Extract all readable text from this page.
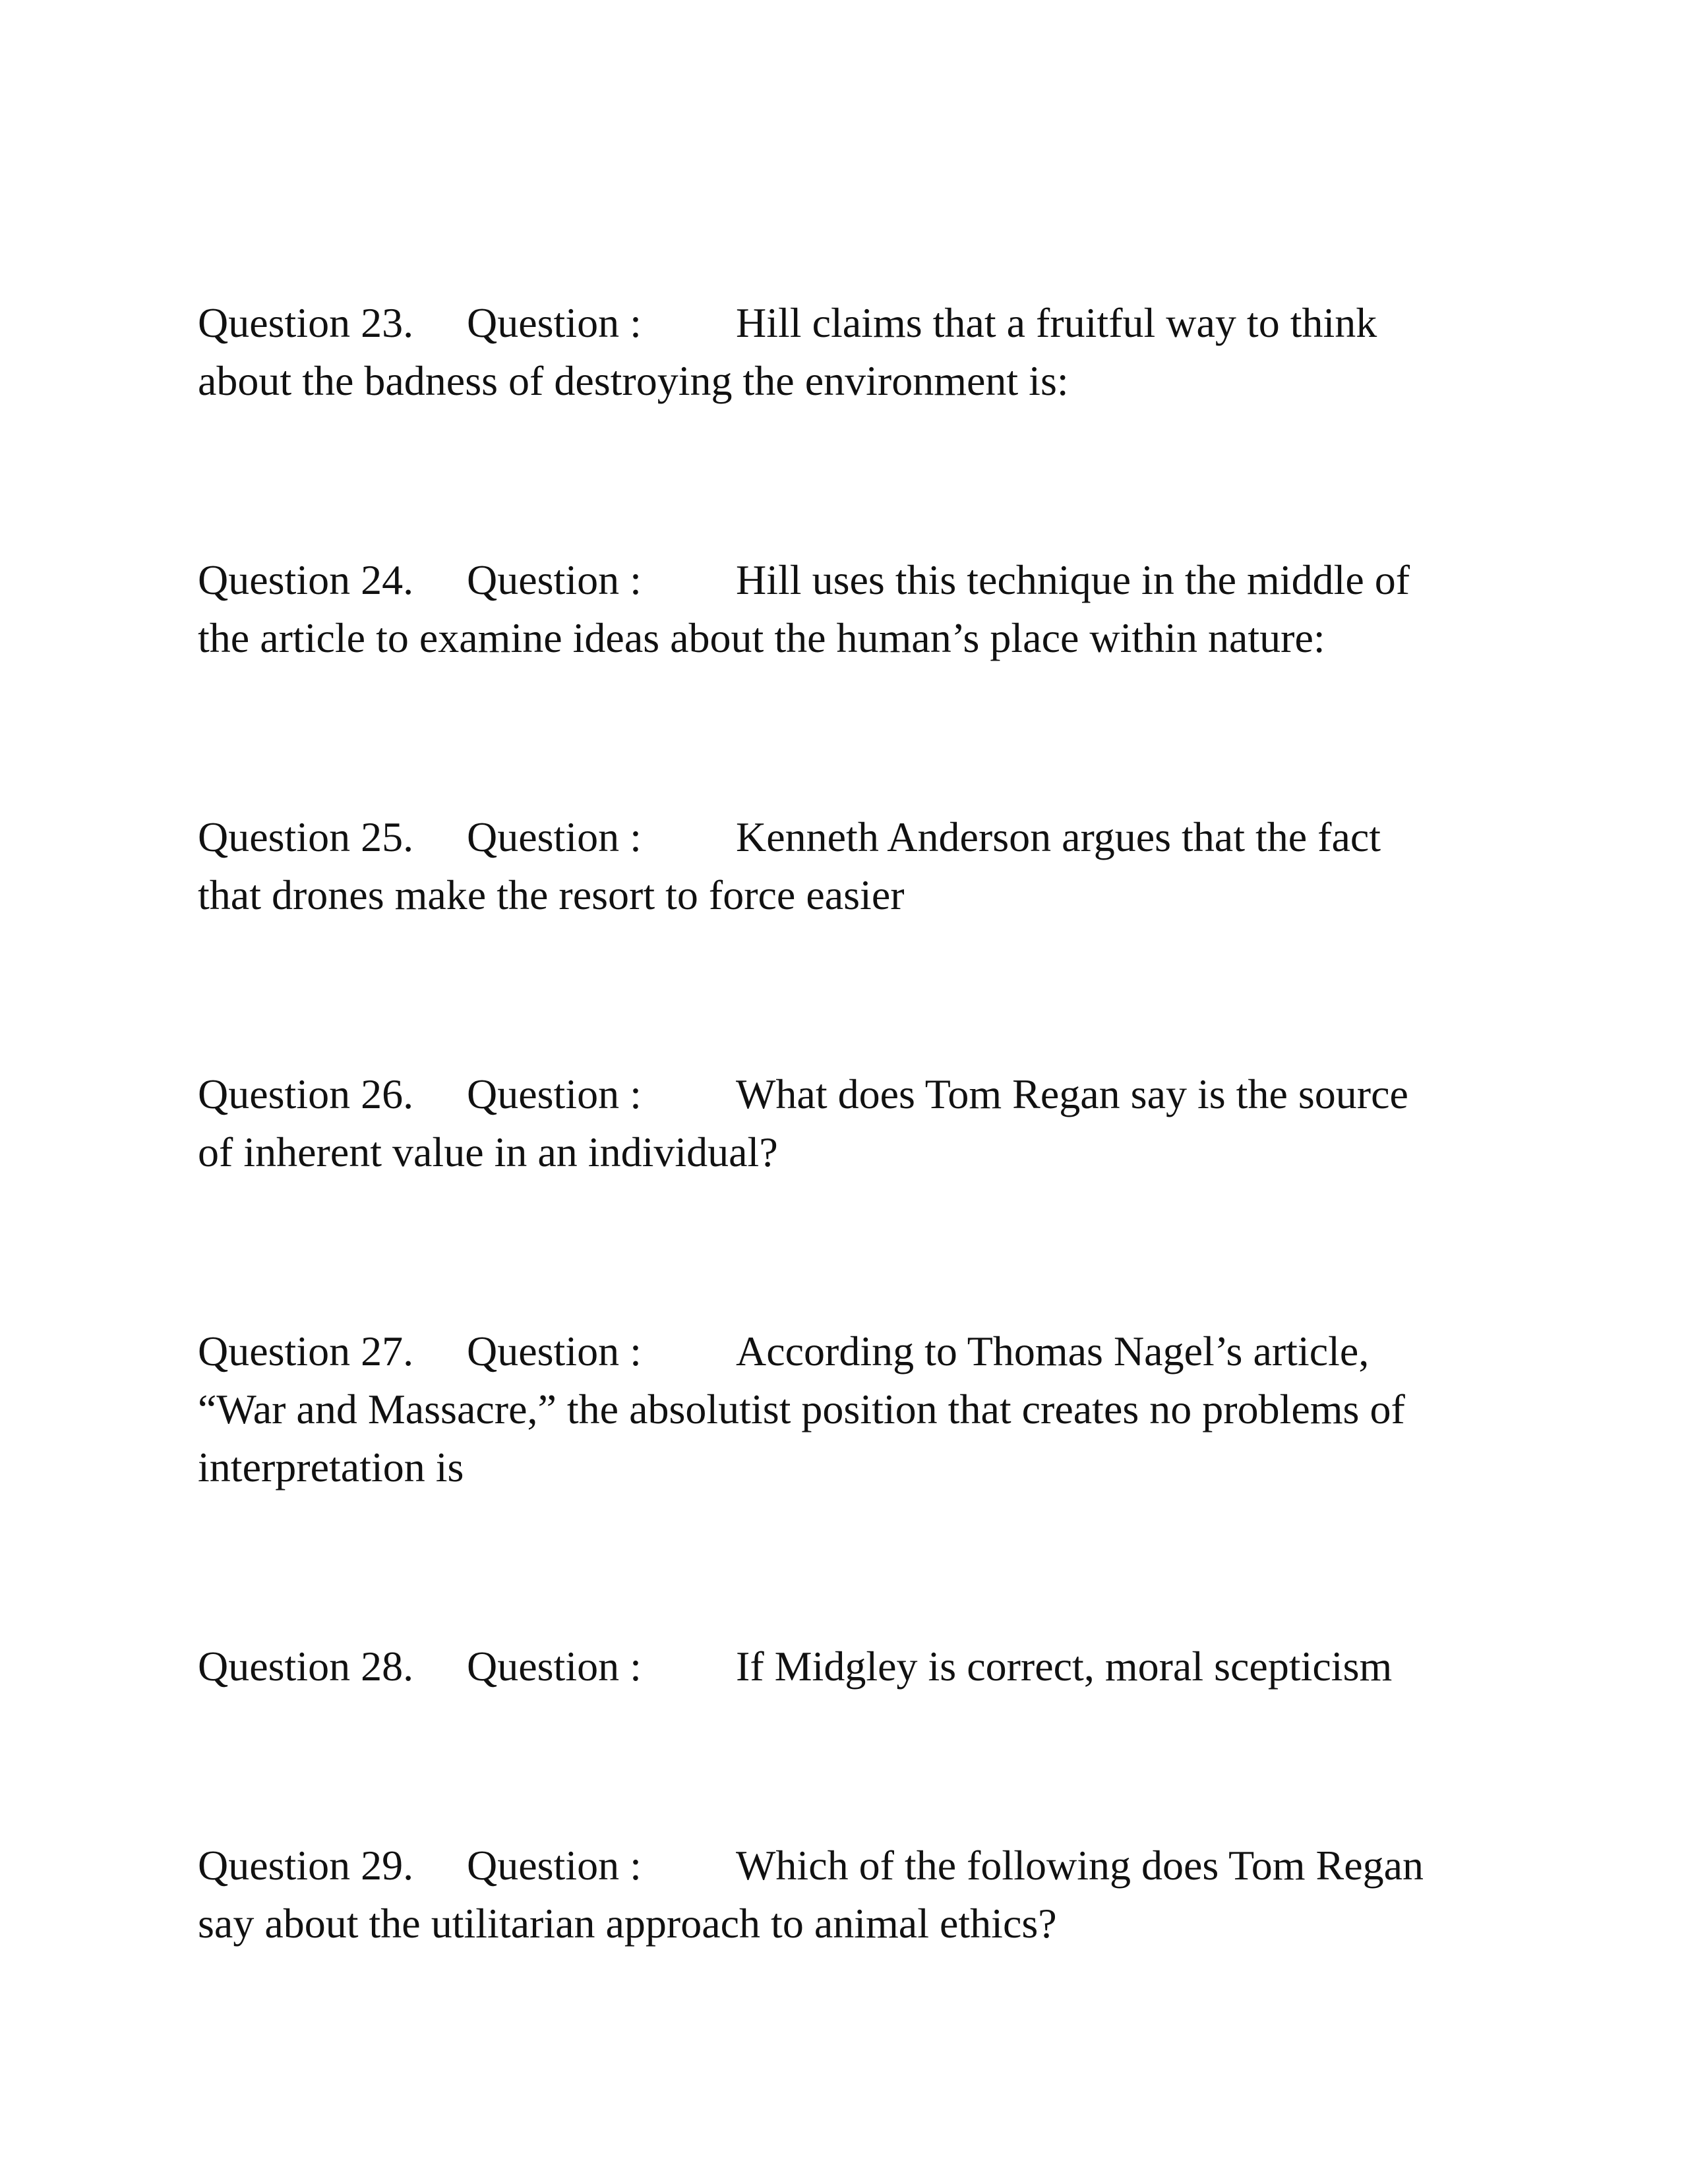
Question 23.	Question :	Hill claims that a fruitful way to think
about the badness of destroying the environment is:
Question 24.	Question :	Hill uses this technique in the middle of
the article to examine ideas about the human’s place within nature:
Question 25.	Question :	Kenneth Anderson argues that the fact
that drones make the resort to force easier
Question 26.	Question :	What does Tom Regan say is the source
of inherent value in an individual?
Question 27.	Question :	According to Thomas Nagel’s article,
“War and Massacre,” the absolutist position that creates no problems of
interpretation is
Question 28.	Question :	If Midgley is correct, moral scepticism
Question 29.	Question :	Which of the following does Tom Regan
say about the utilitarian approach to animal ethics?
